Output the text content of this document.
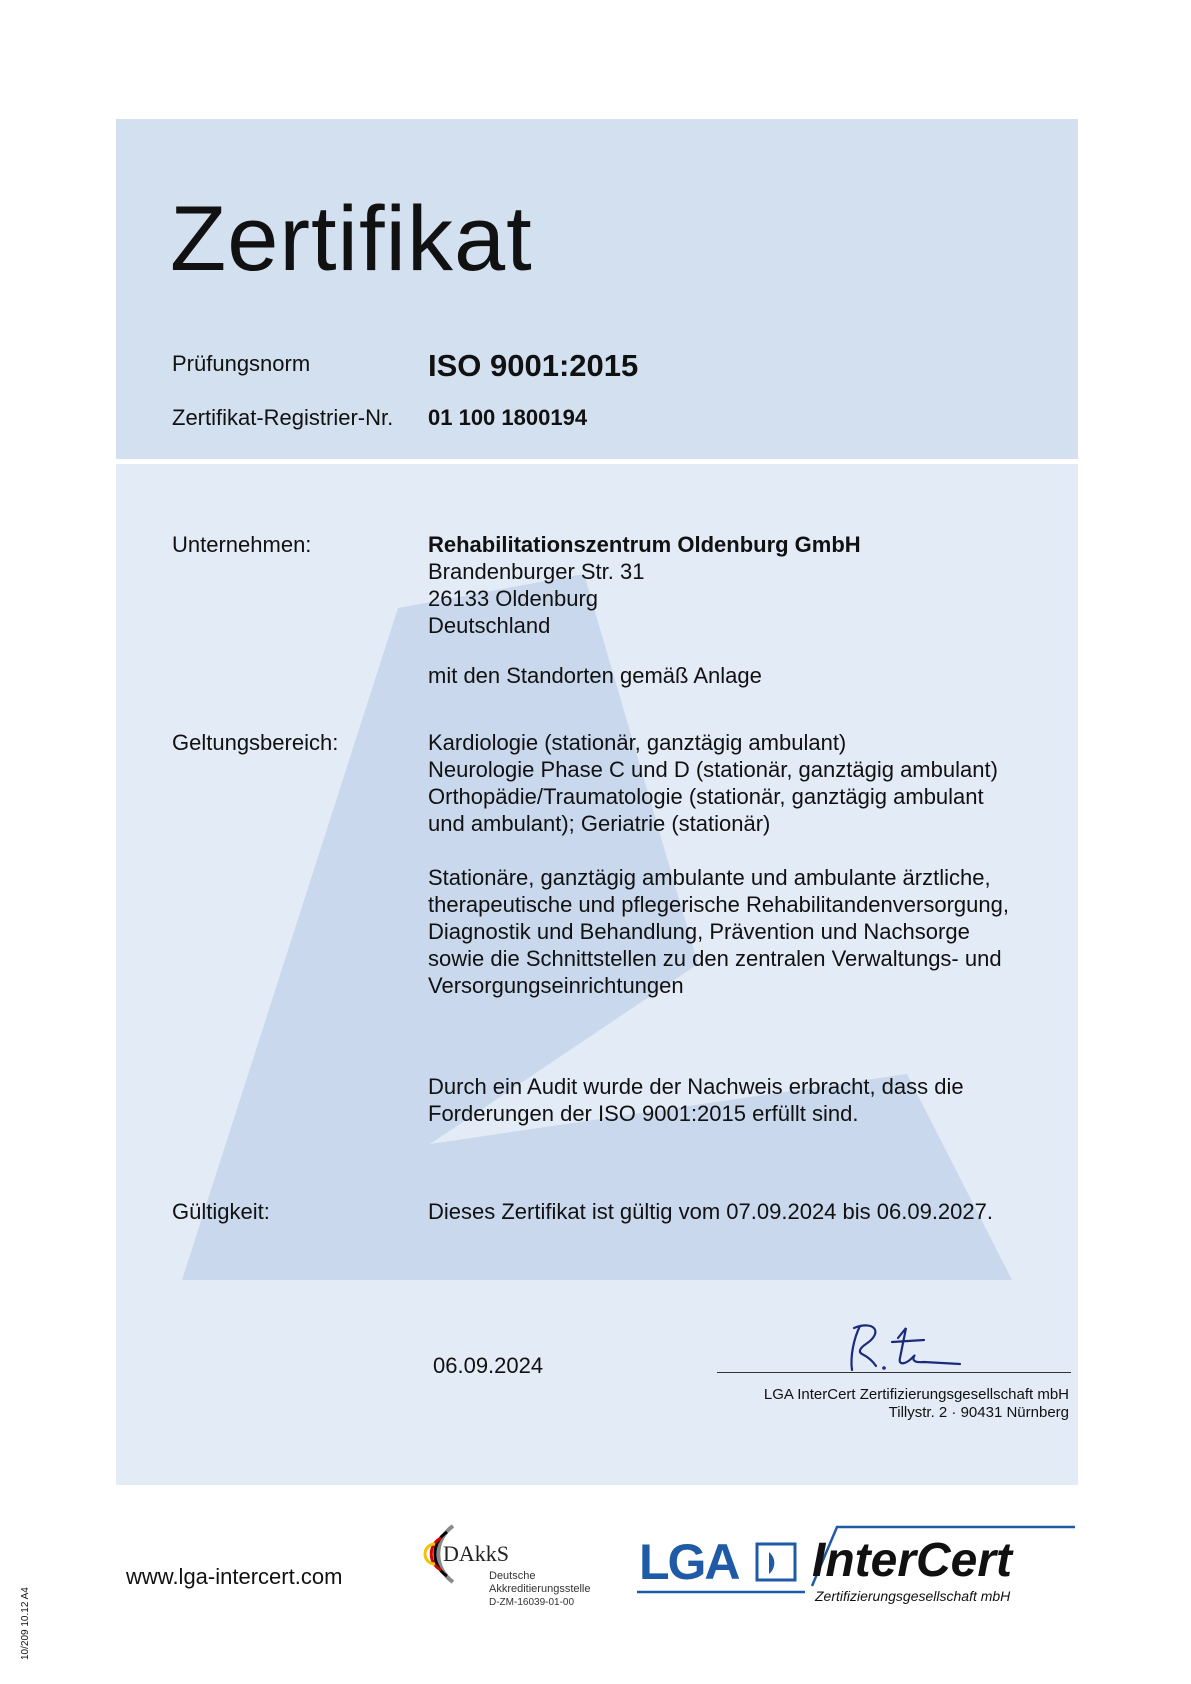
Zertifikat
Prüfungsnorm	ISO 9001:2015
Zertifikat-Registrier-Nr. 01 100 1800194
Unternehmen:	Rehabilitationszentrum Oldenburg GmbH
Brandenburger Str. 31
26133 Oldenburg
Deutschland
mit den Standorten gemäß Anlage
Geltungsbereich:	Kardiologie (stationär, ganztägig ambulant)
Neurologie Phase C und D (stationär, ganztägig ambulant)
Orthopädie/Traumatologie (stationär, ganztägig ambulant
und ambulant); Geriatrie (stationär)
Stationäre, ganztägig ambulante und ambulante ärztliche,
therapeutische und pflegerische Rehabilitandenversorgung,
Diagnostik und Behandlung, Prävention und Nachsorge
sowie die Schnittstellen zu den zentralen Verwaltungs- und
Versorgungseinrichtungen
Durch ein Audit wurde der Nachweis erbracht, dass die
Forderungen der ISO 9001:2015 erfüllt sind.
Gültigkeit:	Dieses Zertifikat ist gültig vom 07.09.2024 bis 06.09.2027.
06.09.2024
LGA InterCert Zertifizierungsgesellschaft mbH
Tillystr. 2 · 90431 Nürnberg
www.lga-intercert.com
10/209 10.12 A4
DAkkS
Deutsche
Akkreditierungsstelle
D-ZM-16039-01-00
LGA InterCert
Zertifizierungsgesellschaft mbH
